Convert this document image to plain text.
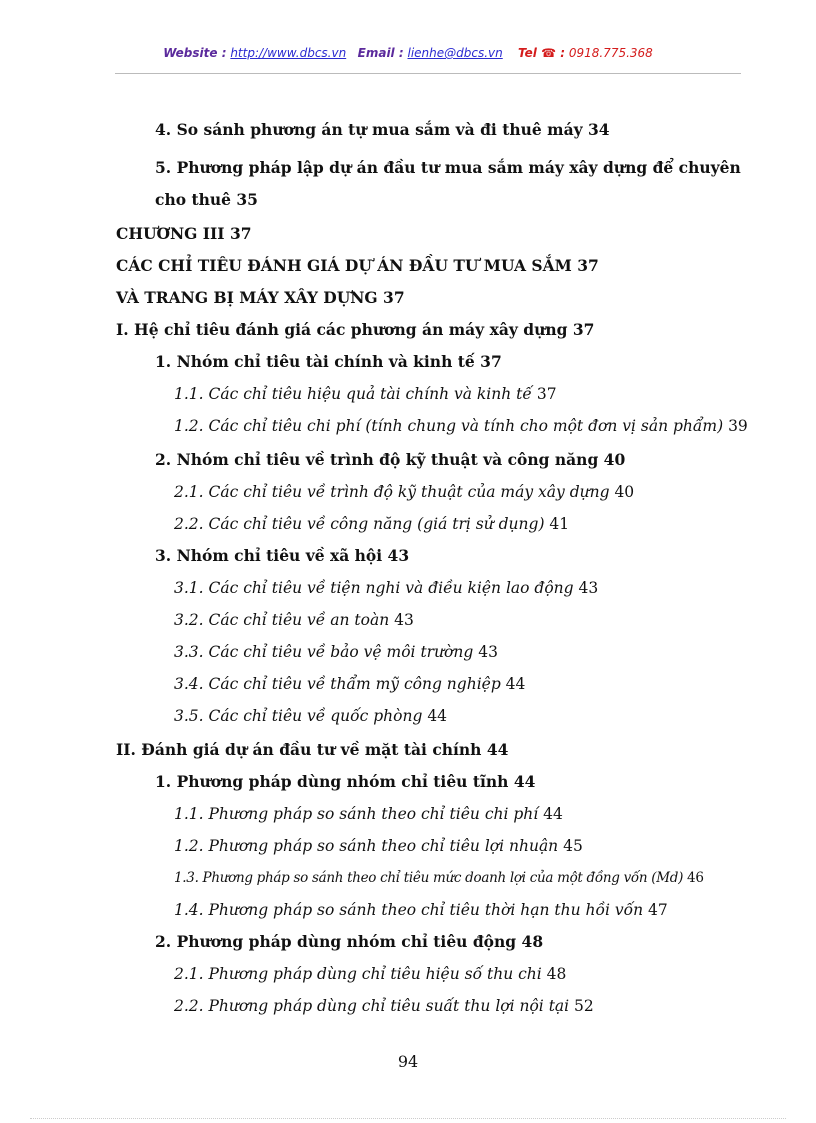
Website : http://www.dbcs.vn Email : lienhe@dbcs.vn Tel ☎ : 0918.775.368
4. So sánh phương án tự mua sắm và đi thuê máy 34
5. Phương pháp lập dự án đầu tư mua sắm máy xây dựng để chuyên
cho thuê 35
CHƯƠNG III 37
CÁC CHỈ TIÊU ĐÁNH GIÁ DỰ ÁN ĐẦU TƯ MUA SẮM 37
VÀ TRANG BỊ MÁY XÂY DỰNG 37
I. Hệ chỉ tiêu đánh giá các phương án máy xây dựng 37
1. Nhóm chỉ tiêu tài chính và kinh tế 37
1.1. Các chỉ tiêu hiệu quả tài chính và kinh tế 37
1.2. Các chỉ tiêu chi phí (tính chung và tính cho một đơn vị sản phẩm) 39
2. Nhóm chỉ tiêu về trình độ kỹ thuật và công năng 40
2.1. Các chỉ tiêu về trình độ kỹ thuật của máy xây dựng 40
2.2. Các chỉ tiêu về công năng (giá trị sử dụng) 41
3. Nhóm chỉ tiêu về xã hội 43
3.1. Các chỉ tiêu về tiện nghi và điều kiện lao động 43
3.2. Các chỉ tiêu về an toàn 43
3.3. Các chỉ tiêu về bảo vệ môi trường 43
3.4. Các chỉ tiêu về thẩm mỹ công nghiệp 44
3.5. Các chỉ tiêu về quốc phòng 44
II. Đánh giá dự án đầu tư về mặt tài chính 44
1. Phương pháp dùng nhóm chỉ tiêu tĩnh 44
1.1. Phương pháp so sánh theo chỉ tiêu chi phí 44
1.2. Phương pháp so sánh theo chỉ tiêu lợi nhuận 45
1.3. Phương pháp so sánh theo chỉ tiêu mức doanh lợi của một đồng vốn (Md) 46
1.4. Phương pháp so sánh theo chỉ tiêu thời hạn thu hồi vốn 47
2. Phương pháp dùng nhóm chỉ tiêu động 48
2.1. Phương pháp dùng chỉ tiêu hiệu số thu chi 48
2.2. Phương pháp dùng chỉ tiêu suất thu lợi nội tại 52
94
